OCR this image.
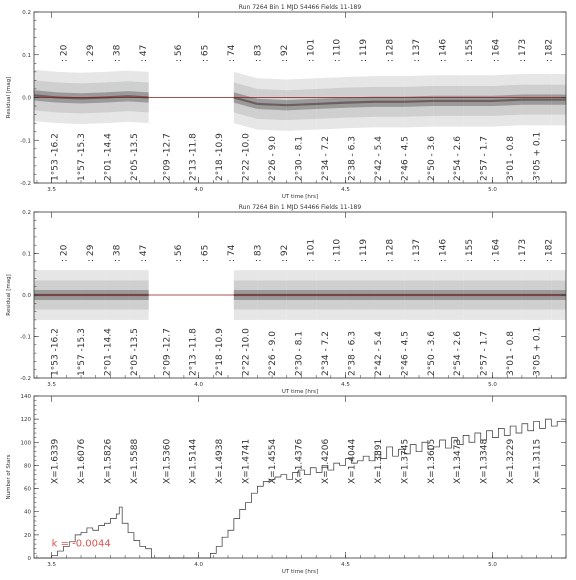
-0.2
-0.1
0.0
0.1
0.2
3.5	4.0	4.5	5.0
UT time [hrs]
Residual [mag]
Run 7264 Bin 1 MJD 54466 Fields 11-189
: 20 : 29 : 38 : 47	: 56 : 65 : 74 : 83 : 92 : 101 : 110 : 119 : 128 : 137 : 146 : 155 : 164 : 173 : 182
1°53 -16.2 1°57 -15.3 2°01 -14.4 2°05 -13.5 2°09 -12.7 2°13 -11.8 2°18 -10.9 2°22 -10.0 2°26 - 9.0 2°30 - 8.1 2°34 - 7.2 2°38 - 6.3 2°42 - 5.4 2°46 - 4.5 2°50 - 3.6 2°54 - 2.6 2°57 - 1.7 3°01 - 0.8 3°05 + 0.1
-0.2
-0.1
0.0
0.1
0.2
3.5	4.0	4.5	5.0
UT time [hrs]
Residual [mag]
Run 7264 Bin 1 MJD 54466 Fields 11-189
: 20 : 29 : 38 : 47	: 56 : 65 : 74 : 83 : 92 : 101 : 110 : 119 : 128 : 137 : 146 : 155 : 164 : 173 : 182
1°53 -16.2 1°57 -15.3 2°01 -14.4 2°05 -13.5 2°09 -12.7 2°13 -11.8 2°18 -10.9 2°22 -10.0 2°26 - 9.0 2°30 - 8.1 2°34 - 7.2 2°38 - 6.3 2°42 - 5.4 2°46 - 4.5 2°50 - 3.6 2°54 - 2.6 2°57 - 1.7 3°01 - 0.8 3°05 + 0.1
X=1.6339 X=1.6076 X=1.5826 X=1.5588 X=1.5360 X=1.5144 X=1.4938 X=1.4741 X=1.4554 X=1.4376 X=1.4206 X=1.4044 X=1.3891 X=1.3745 X=1.3605 X=1.3473 X=1.3348 X=1.3229 X=1.3115
k = -0.0044
0
20
40
60
80
100
120
140
3.5	4.0	4.5	5.0
UT time [hrs]
Number of Stars
